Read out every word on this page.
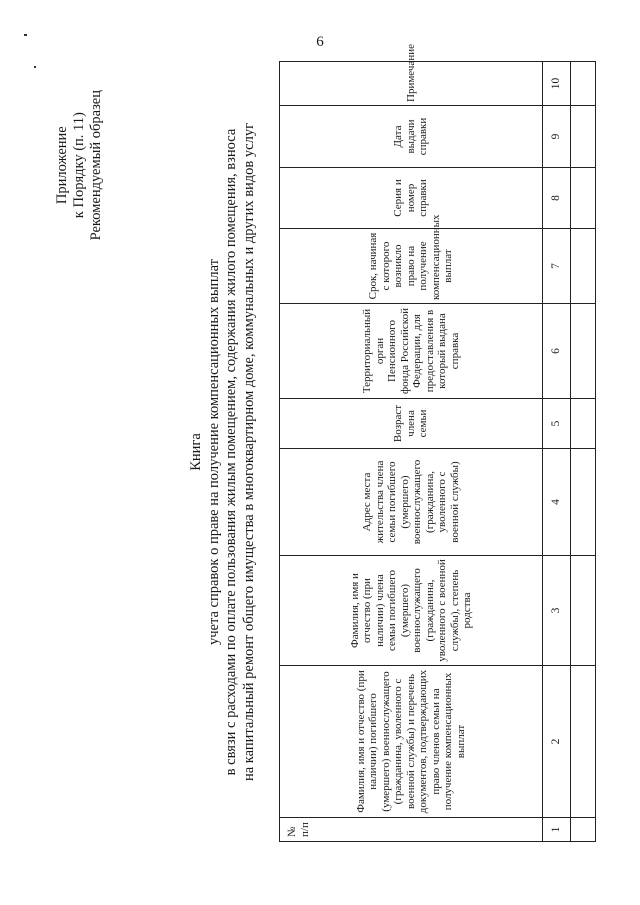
6
Приложение к Порядку (п. 11) Рекомендуемый образец
Книга учета справок о праве на получение компенсационных выплат в связи с расходами по оплате пользования жилым помещением, содержания жилого помещения, взноса на капитальный ремонт общего имущества в многоквартирном доме, коммунальных и других видов услуг
№ п/п	Фамилия, имя и отчество (при наличии) погибшего (умершего) военнослужащего (гражданина, уволенного с военной службы) и перечень документов, подтверждающих право членов семьи на получение компенсационных выплат	Фамилия, имя и отчество (при наличии) члена семьи погибшего (умершего) военнослужащего (гражданина, уволенного с военной службы), степень родства	Адрес места жительства члена семьи погибшего (умершего) военнослужащего (гражданина, уволенного с военной службы)	Возраст члена семьи	Территориальный орган Пенсионного фонда Российской Федерации, для предоставления в который выдана справка	Срок, начиная с которого возникло право на получение компенсационных выплат	Серия и номер справки	Дата выдачи справки	Примечание
1	2	3	4	5	6	7	8	9	10
